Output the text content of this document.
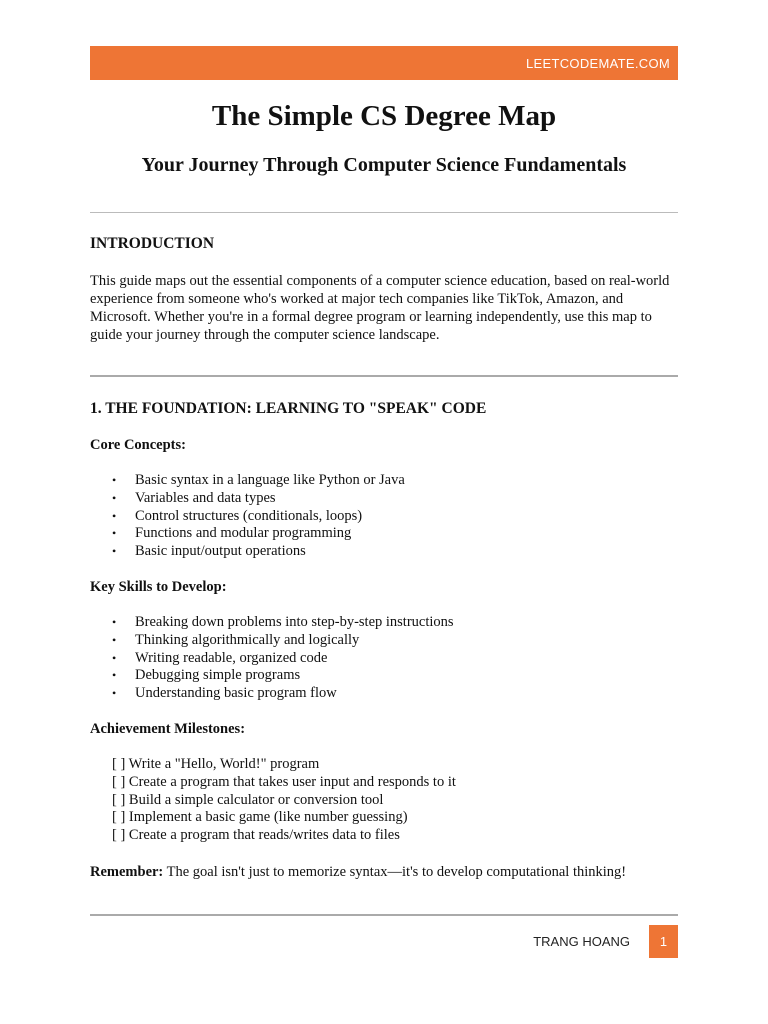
LEETCODEMATE.COM
The Simple CS Degree Map
Your Journey Through Computer Science Fundamentals
INTRODUCTION

This guide maps out the essential components of a computer science education, based on real-world experience from someone who's worked at major tech companies like TikTok, Amazon, and Microsoft. Whether you're in a formal degree program or learning independently, use this map to guide your journey through the computer science landscape.

1. THE FOUNDATION: LEARNING TO "SPEAK" CODE

Core Concepts:

• Basic syntax in a language like Python or Java
• Variables and data types
• Control structures (conditionals, loops)
• Functions and modular programming
• Basic input/output operations

Key Skills to Develop:

• Breaking down problems into step-by-step instructions
• Thinking algorithmically and logically
• Writing readable, organized code
• Debugging simple programs
• Understanding basic program flow

Achievement Milestones:

[ ] Write a "Hello, World!" program
[ ] Create a program that takes user input and responds to it
[ ] Build a simple calculator or conversion tool
[ ] Implement a basic game (like number guessing)
[ ] Create a program that reads/writes data to files

Remember: The goal isn't just to memorize syntax—it's to develop computational thinking!

TRANG HOANG 1
